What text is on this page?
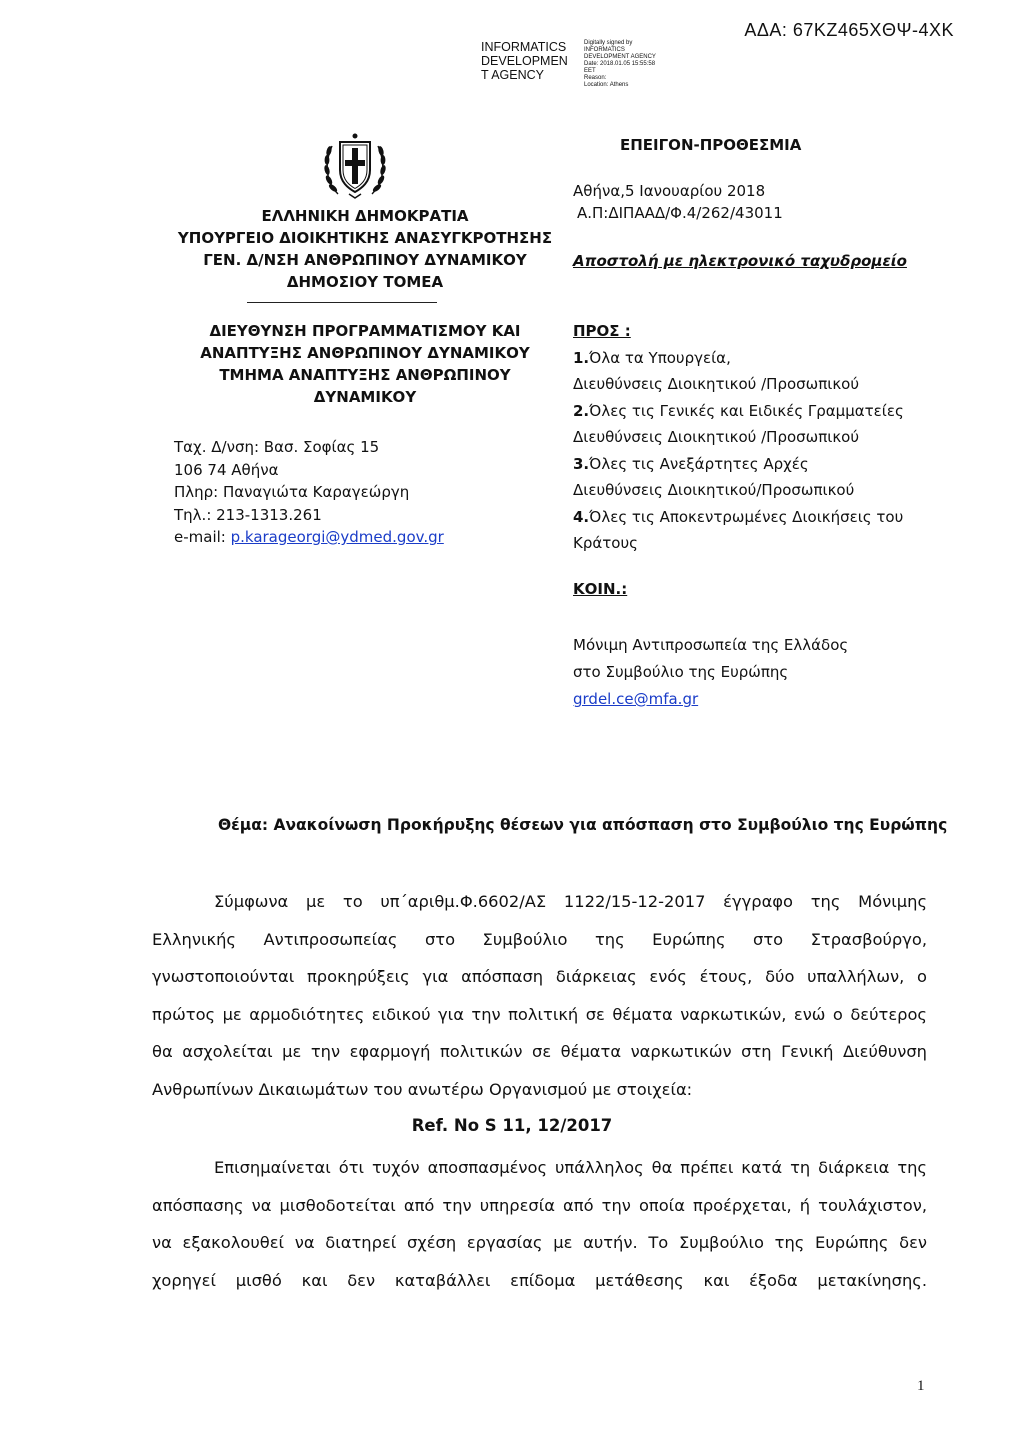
ΑΔΑ: 67ΚΖ465ΧΘΨ-4ΧΚ
INFORMATICS
DEVELOPMEN
T AGENCY
Digitally signed by
INFORMATICS
DEVELOPMENT AGENCY
Date: 2018.01.05 15:55:58
EET
Reason:
Location: Athens
ΕΛΛΗΝΙΚΗ ΔΗΜΟΚΡΑΤΙΑ
ΥΠΟΥΡΓΕΙΟ ΔΙΟΙΚΗΤΙΚΗΣ ΑΝΑΣΥΓΚΡΟΤΗΣΗΣ
ΓΕΝ. Δ/ΝΣΗ ΑΝΘΡΩΠΙΝΟΥ ΔΥΝΑΜΙΚΟΥ
ΔΗΜΟΣΙΟΥ ΤΟΜΕΑ
ΔΙΕΥΘΥΝΣΗ ΠΡΟΓΡΑΜΜΑΤΙΣΜΟΥ ΚΑΙ
ΑΝΑΠΤΥΞΗΣ ΑΝΘΡΩΠΙΝΟΥ ΔΥΝΑΜΙΚΟΥ
ΤΜΗΜΑ ΑΝΑΠΤΥΞΗΣ ΑΝΘΡΩΠΙΝΟΥ
ΔΥΝΑΜΙΚΟΥ
Ταχ. Δ/νση: Βασ. Σοφίας 15
106 74 Αθήνα
Πληρ: Παναγιώτα Καραγεώργη
Τηλ.: 213-1313.261
e-mail: p.karageorgi@ydmed.gov.gr
ΕΠΕΙΓΟΝ-ΠΡΟΘΕΣΜΙΑ
Αθήνα,5 Ιανουαρίου 2018
Α.Π:ΔΙΠΑΑΔ/Φ.4/262/43011
Αποστολή με ηλεκτρονικό ταχυδρομείο
ΠΡΟΣ :
1.Όλα τα Υπουργεία,
Διευθύνσεις Διοικητικού /Προσωπικού
2.Όλες τις Γενικές και Ειδικές Γραμματείες
Διευθύνσεις Διοικητικού /Προσωπικού
3.Όλες τις Ανεξάρτητες Αρχές
Διευθύνσεις Διοικητικού/Προσωπικού
4.Όλες τις Αποκεντρωμένες Διοικήσεις του
Κράτους
ΚΟΙΝ.:
Μόνιμη Αντιπροσωπεία της Ελλάδος
στο Συμβούλιο της Ευρώπης
grdel.ce@mfa.gr
Θέμα: Ανακοίνωση Προκήρυξης θέσεων για απόσπαση στο Συμβούλιο της Ευρώπης
Σύμφωνα με το υπ΄αριθμ.Φ.6602/ΑΣ 1122/15-12-2017 έγγραφο της Μόνιμης
Ελληνικής Αντιπροσωπείας στο Συμβούλιο της Ευρώπης στο Στρασβούργο,
γνωστοποιούνται προκηρύξεις για απόσπαση διάρκειας ενός έτους, δύο υπαλλήλων, ο
πρώτος με αρμοδιότητες ειδικού για την πολιτική σε θέματα ναρκωτικών, ενώ ο δεύτερος
θα ασχολείται με την εφαρμογή πολιτικών σε θέματα ναρκωτικών στη Γενική Διεύθυνση
Ανθρωπίνων Δικαιωμάτων του ανωτέρω Οργανισμού με στοιχεία:
Ref. No S 11, 12/2017
Επισημαίνεται ότι τυχόν αποσπασμένος υπάλληλος θα πρέπει κατά τη διάρκεια της
απόσπασης να μισθοδοτείται από την υπηρεσία από την οποία προέρχεται, ή τουλάχιστον,
να εξακολουθεί να διατηρεί σχέση εργασίας με αυτήν. Το Συμβούλιο της Ευρώπης δεν
χορηγεί μισθό και δεν καταβάλλει επίδομα μετάθεσης και έξοδα μετακίνησης.
1
